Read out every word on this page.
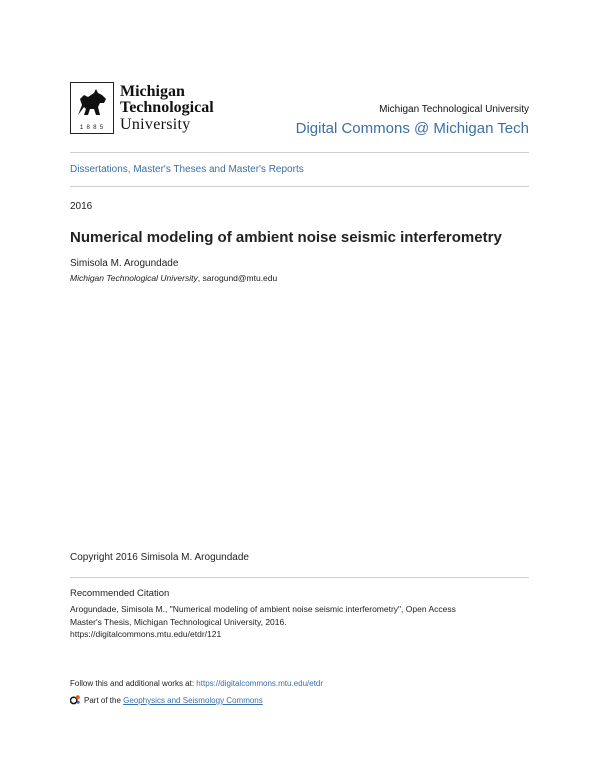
1885
Michigan
Technological
University
Michigan Technological University
Digital Commons @ Michigan Tech
Dissertations, Master's Theses and Master's Reports
2016
Numerical modeling of ambient noise seismic interferometry
Simisola M. Arogundade
Michigan Technological University, sarogund@mtu.edu
Copyright 2016 Simisola M. Arogundade
Recommended Citation
Arogundade, Simisola M., "Numerical modeling of ambient noise seismic interferometry", Open Access
Master's Thesis, Michigan Technological University, 2016.
https://digitalcommons.mtu.edu/etdr/121
Follow this and additional works at: https://digitalcommons.mtu.edu/etdr
Part of the Geophysics and Seismology Commons
